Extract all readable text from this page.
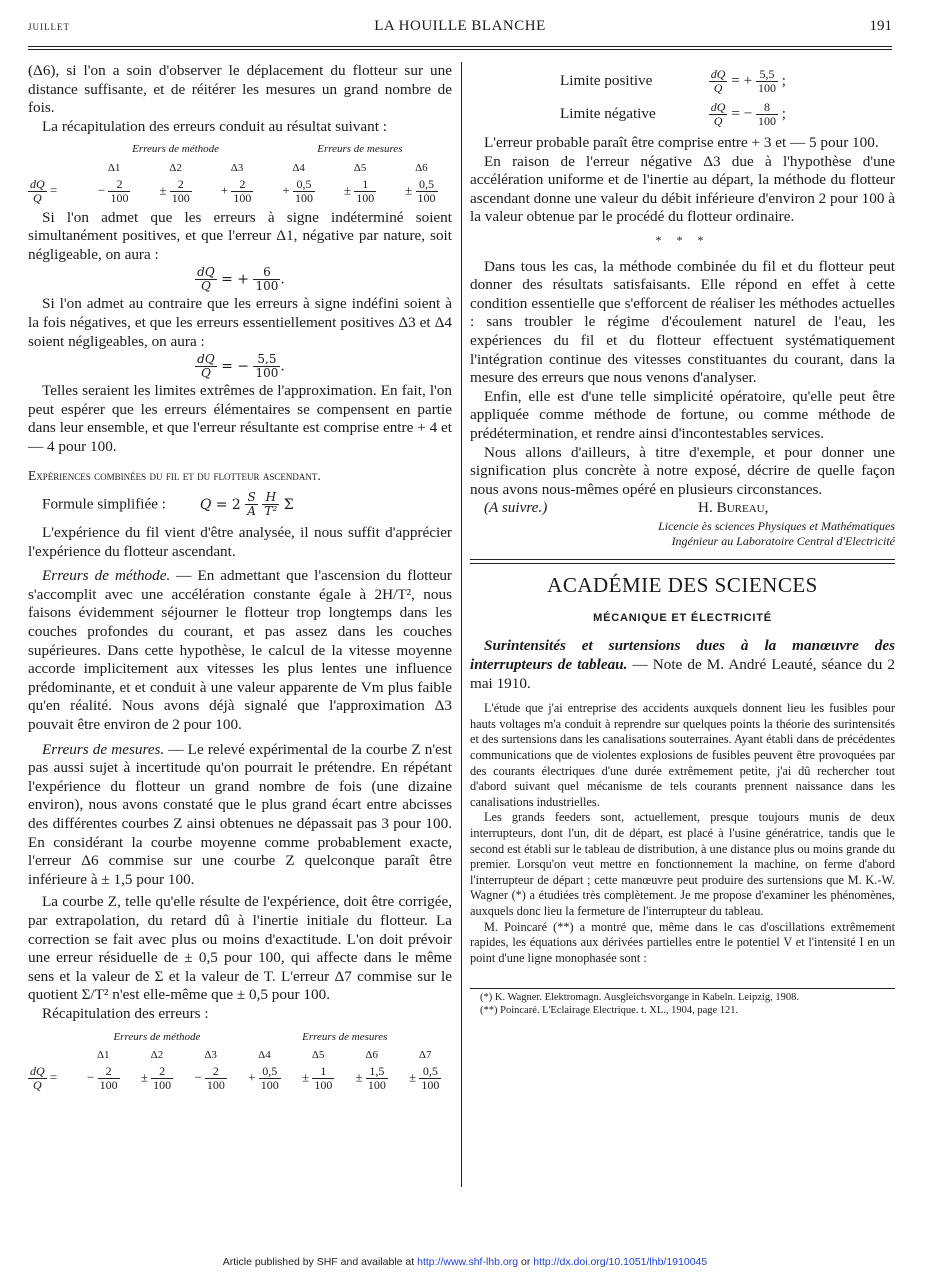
JUILLET	LA HOUILLE BLANCHE	191

(Δ6), si l'on a soin d'observer le déplacement du flotteur sur une distance suffisante, et de réitérer les mesures un grand nombre de fois.

La récapitulation des erreurs conduit au résultat suivant :

	Erreurs de méthode			Erreurs de mesures		
	Δ1	Δ2	Δ3	Δ4	Δ5	Δ6

$\frac{dQ}{Q}$ =	− $\frac{2}{100}$	± $\frac{2}{100}$	+ $\frac{2}{100}$	+ $\frac{0,5}{100}$	± $\frac{1}{100}$	± $\frac{0,5}{100}$

Si l'on admet que les erreurs à signe indéterminé soient simultanément positives, et que l'erreur Δ1, négative par nature, soit négligeable, on aura :

$\frac{dQ}{Q}$ = + $\frac{6}{100}$ .

Si l'on admet au contraire que les erreurs à signe indéfini soient à la fois négatives, et que les erreurs essentiellement positives Δ3 et Δ4 soient négligeables, on aura :

$\frac{dQ}{Q}$ = − $\frac{5,5}{100}$ .

Telles seraient les limites extrêmes de l'approximation. En fait, l'on peut espérer que les erreurs élémentaires se compensent en partie dans leur ensemble, et que l'erreur résultante est comprise entre + 4 et — 4 pour 100.

Expériences combinées du fil et du flotteur ascendant.

Formule simplifiée : $Q = 2 \frac{S}{A}$
$\frac{H}{\text{T²}}$ Σ

L'expérience du fil vient d'être analysée, il nous suffit d'apprécier l'expérience du flotteur ascendant.

Erreurs de méthode. — En admettant que l'ascension du flotteur s'accomplit avec une accélération constante égale à 2H/T², nous faisons évidemment séjourner le flotteur trop longtemps dans les couches profondes du courant, et pas assez dans les couches supérieures. Dans cette hypothèse, le calcul de la vitesse moyenne accorde implicitement aux vitesses les plus lentes une influence prédominante, et et conduit à une valeur apparente de Vm plus faible qu'en réalité. Nous avons déjà signalé que l'approximation Δ3 pouvait être environ de 2 pour 100.

Erreurs de mesures. — Le relevé expérimental de la courbe Z n'est pas aussi sujet à incertitude qu'on pourrait le prétendre. En répétant l'expérience du flotteur un grand nombre de fois (une dizaine environ), nous avons constaté que le plus grand écart entre abcisses des différentes courbes Z ainsi obtenues ne dépassait pas 3 pour 100. En considérant la courbe moyenne comme probablement exacte, l'erreur Δ6 commise sur une courbe Z quelconque paraît être inférieure à ± 1,5 pour 100.

La courbe Z, telle qu'elle résulte de l'expérience, doit être corrigée, par extrapolation, du retard dû à l'inertie initiale du flotteur. La correction se fait avec plus ou moins d'exactitude. L'on doit prévoir une erreur résiduelle de ± 0,5 pour 100, qui affecte dans le même sens et la valeur de Σ et la valeur de T. L'erreur Δ7 commise sur le quotient Σ/T² n'est elle-même que ± 0,5 pour 100.

Récapitulation des erreurs :

	Erreurs de méthode			Erreurs de mesures			
	Δ1	Δ2	Δ3	Δ4	Δ5	Δ6	Δ7

$\frac{dQ}{Q}$ =	− $\frac{2}{100}$	± $\frac{2}{100}$	− $\frac{2}{100}$	+ $\frac{0,5}{100}$	± $\frac{1}{100}$	± $\frac{1,5}{100}$	± $\frac{0,5}{100}$
Limite positive	$\frac{dQ}{Q}$ = + $\frac{5,5}{100}$ ;
Limite négative	$\frac{dQ}{Q}$ = − $\frac{8}{100}$ ;

L'erreur probable paraît être comprise entre + 3 et — 5 pour 100.

En raison de l'erreur négative Δ3 due à l'hypothèse d'une accélération uniforme et de l'inertie au départ, la méthode du flotteur ascendant donne une valeur du débit inférieure d'environ 2 pour 100 à la valeur obtenue par le procédé du flotteur ordinaire.

* * *

Dans tous les cas, la méthode combinée du fil et du flotteur peut donner des résultats satisfaisants. Elle répond en effet à cette condition essentielle que s'efforcent de réaliser les méthodes actuelles : sans troubler le régime d'écoulement naturel de l'eau, les expériences du fil et du flotteur effectuent systématiquement l'intégration continue des vitesses constituantes du courant, dans la mesure des erreurs que nous venons d'analyser.

Enfin, elle est d'une telle simplicité opératoire, qu'elle peut être appliquée comme méthode de fortune, ou comme méthode de prédétermination, et rendre ainsi d'incontestables services.

Nous allons d'ailleurs, à titre d'exemple, et pour donner une signification plus concrète à notre exposé, décrire de quelle façon nous avons nous-mêmes opéré en plusieurs circonstances.

(A suivre.)	H. Bureau,
Licencie ès sciences Physiques et Mathématiques
Ingénieur au Laboratoire Central d'Electricité
ACADÉMIE DES SCIENCES
MÉCANIQUE ET ÉLECTRICITÉ

Surintensités et surtensions dues à la manœuvre des interrupteurs de tableau. — Note de M. André Leauté, séance du 2 mai 1910.

L'étude que j'ai entreprise des accidents auxquels donnent lieu les fusibles pour hauts voltages m'a conduit à reprendre sur quelques points la théorie des surintensités et des surtensions dans les canalisations souterraines. Ayant établi dans de précédentes communications que de violentes explosions de fusibles peuvent être provoquées par des courants électriques d'une durée extrêmement petite, j'ai dû rechercher tout d'abord suivant quel mécanisme de tels courants prennent naissance dans les canalisations industrielles.

Les grands feeders sont, actuellement, presque toujours munis de deux interrupteurs, dont l'un, dit de départ, est placé à l'usine génératrice, tandis que le second est établi sur le tableau de distribution, à une distance plus ou moins grande du premier. Lorsqu'on veut mettre en fonctionnement la machine, on ferme d'abord l'interrupteur de départ ; cette manœuvre peut produire des surtensions que M. K.-W. Wagner (*) a étudiées très complètement. Je me propose d'examiner les phénomènes, auxquels donc lieu la fermeture de l'interrupteur du tableau.

M. Poincaré (**) a montré que, même dans le cas d'oscillations extrêmement rapides, les équations aux dérivées partielles entre le potentiel V et l'intensité I en un point d'une ligne monophasée sont :

(*) K. Wagner. Elektromagn. Ausgleichsvorgange in Kabeln. Leipzig, 1908.

(**) Poincaré. L'Eclairage Electrique. t. XL., 1904, page 121.

Article published by SHF and available at http://www.shf-lhb.org or http://dx.doi.org/10.1051/lhb/1910045
